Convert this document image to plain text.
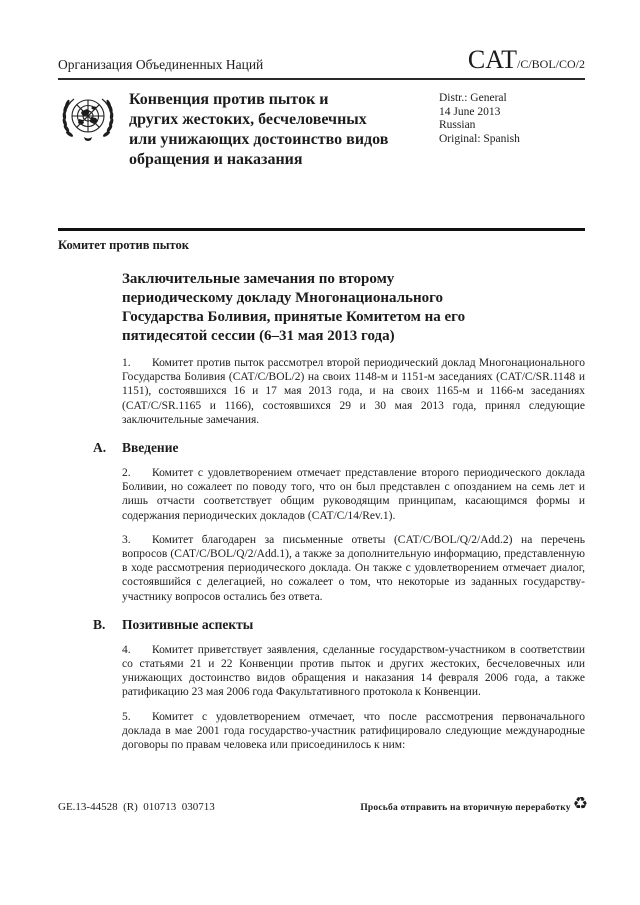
Организация Объединенных Наций	CAT/C/BOL/CO/2
Конвенция против пыток и
других жестоких, бесчеловечных
или унижающих достоинство видов
обращения и наказания
Distr.: General
14 June 2013
Russian
Original: Spanish
Комитет против пыток
Заключительные замечания по второму
периодическому докладу Многонационального
Государства Боливия, принятые Комитетом на его
пятидесятой сессии (6–31 мая 2013 года)
1. Комитет против пыток рассмотрел второй периодический доклад Многонационального Государства Боливия (CAT/C/BOL/2) на своих 1148-м и 1151-м заседаниях (CAT/C/SR.1148 и 1151), состоявшихся 16 и 17 мая 2013 года, и на своих 1165-м и 1166-м заседаниях (CAT/C/SR.1165 и 1166), состоявшихся 29 и 30 мая 2013 года, принял следующие заключительные замечания.
A. Введение
2. Комитет с удовлетворением отмечает представление второго периодического доклада Боливии, но сожалеет по поводу того, что он был представлен с опозданием на семь лет и лишь отчасти соответствует общим руководящим принципам, касающимся формы и содержания периодических докладов (CAT/C/14/Rev.1).
3. Комитет благодарен за письменные ответы (CAT/C/BOL/Q/2/Add.2) на перечень вопросов (CAT/C/BOL/Q/2/Add.1), а также за дополнительную информацию, представленную в ходе рассмотрения периодического доклада. Он также с удовлетворением отмечает диалог, состоявшийся с делегацией, но сожалеет о том, что некоторые из заданных государству-участнику вопросов остались без ответа.
B. Позитивные аспекты
4. Комитет приветствует заявления, сделанные государством-участником в соответствии со статьями 21 и 22 Конвенции против пыток и других жестоких, бесчеловечных или унижающих достоинство видов обращения и наказания 14 февраля 2006 года, а также ратификацию 23 мая 2006 года Факультативного протокола к Конвенции.
5. Комитет с удовлетворением отмечает, что после рассмотрения первоначального доклада в мае 2001 года государство-участник ратифицировало следующие международные договоры по правам человека или присоединилось к ним:
GE.13-44528  (R)  010713  030713	Просьба отправить на вторичную переработку ♻
